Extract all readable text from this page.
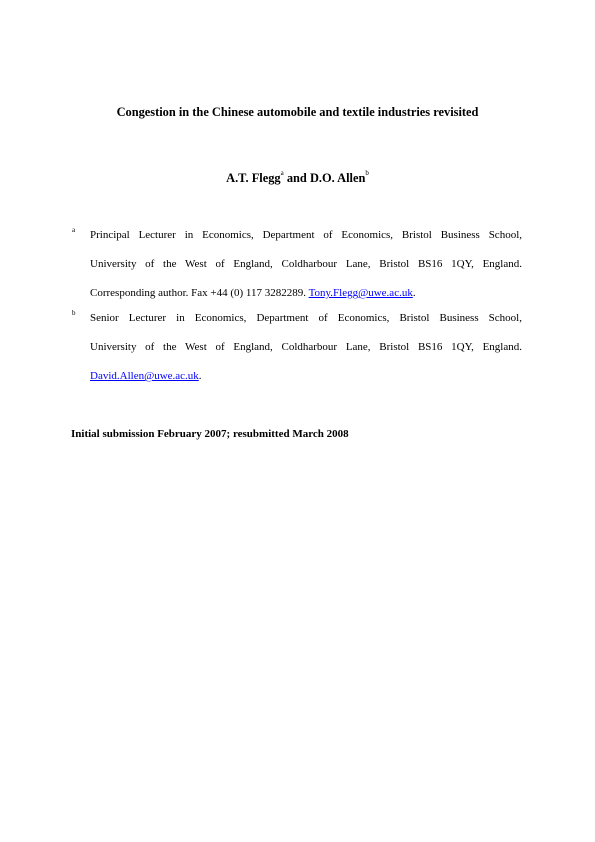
Congestion in the Chinese automobile and textile industries revisited
A.T. Flegg$^a$ and D.O. Allen$^b$
a Principal Lecturer in Economics, Department of Economics, Bristol Business School,
University of the West of England, Coldharbour Lane, Bristol BS16 1QY, England.
Corresponding author. Fax +44 (0) 117 3282289. Tony.Flegg@uwe.ac.uk.
b Senior Lecturer in Economics, Department of Economics, Bristol Business School,
University of the West of England, Coldharbour Lane, Bristol BS16 1QY, England.
David.Allen@uwe.ac.uk.
Initial submission February 2007; resubmitted March 2008
